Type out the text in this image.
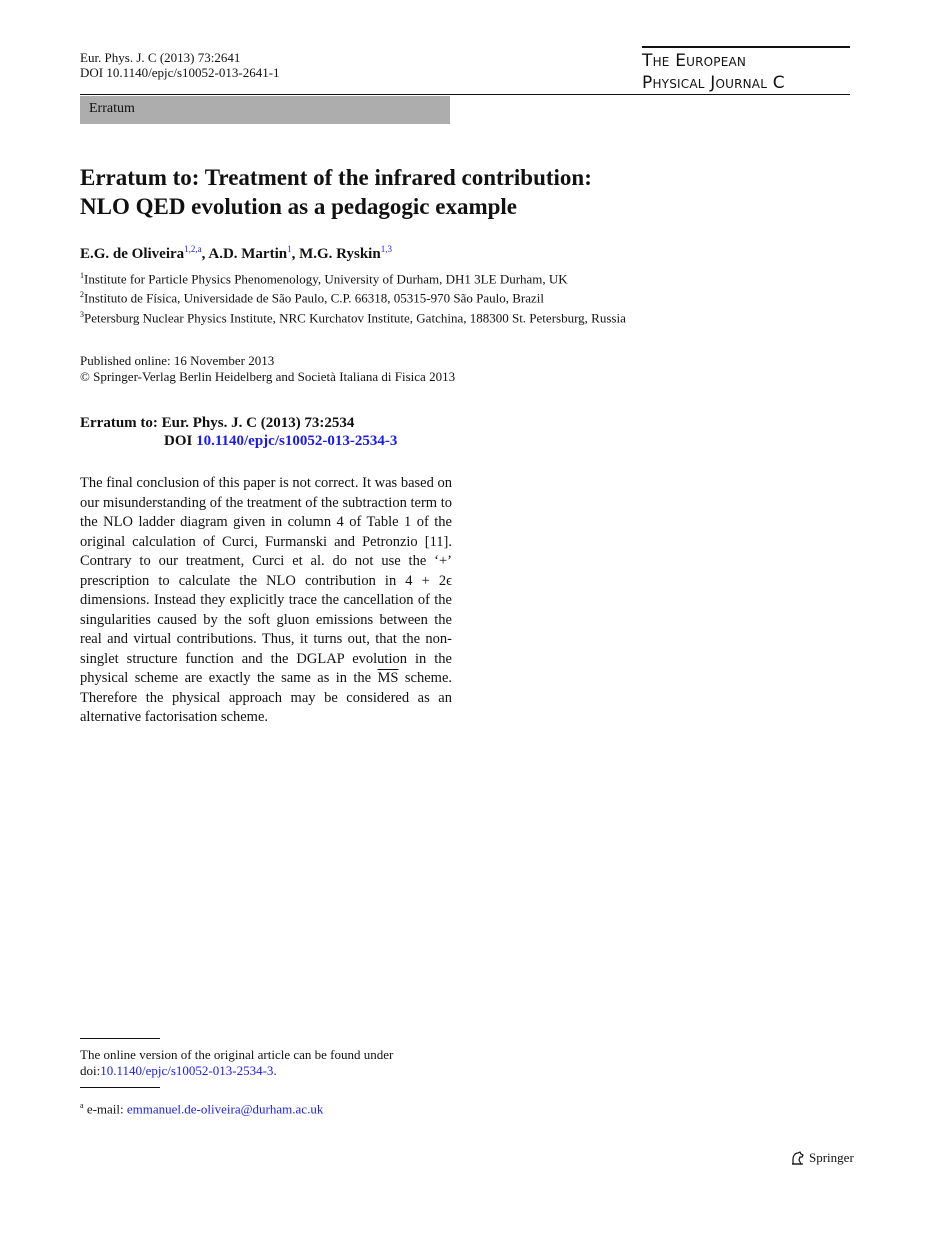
Eur. Phys. J. C (2013) 73:2641
DOI 10.1140/epjc/s10052-013-2641-1
The European
Physical Journal C
Erratum
Erratum to: Treatment of the infrared contribution:
NLO QED evolution as a pedagogic example
E.G. de Oliveira$^{1,2,a}$, A.D. Martin$^1$, M.G. Ryskin$^{1,3}$
$^1$Institute for Particle Physics Phenomenology, University of Durham, DH1 3LE Durham, UK
$^2$Instituto de Física, Universidade de São Paulo, C.P. 66318, 05315-970 São Paulo, Brazil
$^3$Petersburg Nuclear Physics Institute, NRC Kurchatov Institute, Gatchina, 188300 St. Petersburg, Russia
Published online: 16 November 2013
© Springer-Verlag Berlin Heidelberg and Società Italiana di Fisica 2013
Erratum to: Eur. Phys. J. C (2013) 73:2534
DOI 10.1140/epjc/s10052-013-2534-3
The final conclusion of this paper is not correct. It was based on our misunderstanding of the treatment of the subtraction term to the NLO ladder diagram given in column 4 of Table 1 of the original calculation of Curci, Furmanski and Petronzio [11]. Contrary to our treatment, Curci et al. do not use the ‘+’ prescription to calculate the NLO contribution in 4 + 2ϵ dimensions. Instead they explicitly trace the cancellation of the singularities caused by the soft gluon emissions between the real and virtual contributions. Thus, it turns out, that the non-singlet structure function and the DGLAP evolution in the physical scheme are exactly the same as in the $\overline{MS}$ scheme. Therefore the physical approach may be considered as an alternative factorisation scheme.
The online version of the original article can be found under
doi:10.1140/epjc/s10052-013-2534-3.
$^a$ e-mail: emmanuel.de-oliveira@durham.ac.uk
Springer
